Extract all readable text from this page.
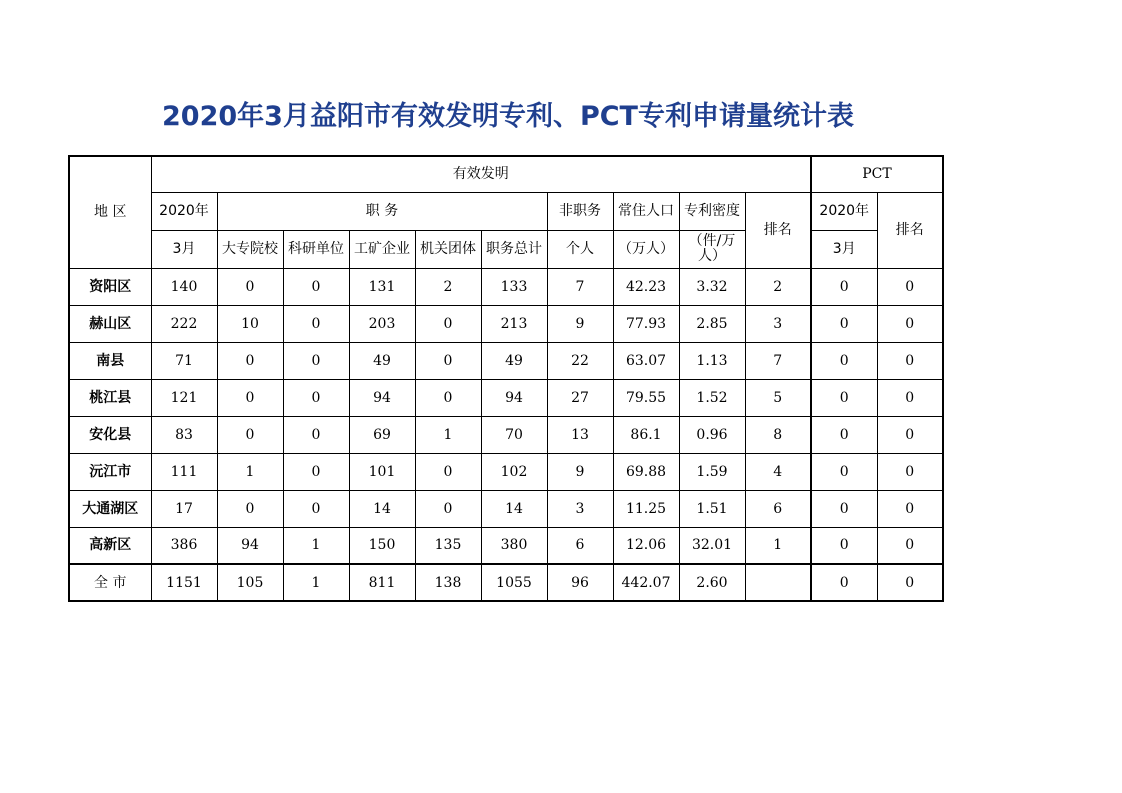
2020年3月益阳市有效发明专利、PCT专利申请量统计表
地 区	有效发明										PCT	
	2020年	职 务					非职务	常住人口	专利密度	排名	2020年	排名
	3月	大专院校	科研单位	工矿企业	机关团体	职务总计	个人	（万人）	（件/万人）		3月	
资阳区	140	0	0	131	2	133	7	42.23	3.32	2	0	0
赫山区	222	10	0	203	0	213	9	77.93	2.85	3	0	0
南县	71	0	0	49	0	49	22	63.07	1.13	7	0	0
桃江县	121	0	0	94	0	94	27	79.55	1.52	5	0	0
安化县	83	0	0	69	1	70	13	86.1	0.96	8	0	0
沅江市	111	1	0	101	0	102	9	69.88	1.59	4	0	0
大通湖区	17	0	0	14	0	14	3	11.25	1.51	6	0	0
高新区	386	94	1	150	135	380	6	12.06	32.01	1	0	0
全 市	1151	105	1	811	138	1055	96	442.07	2.60		0	0
